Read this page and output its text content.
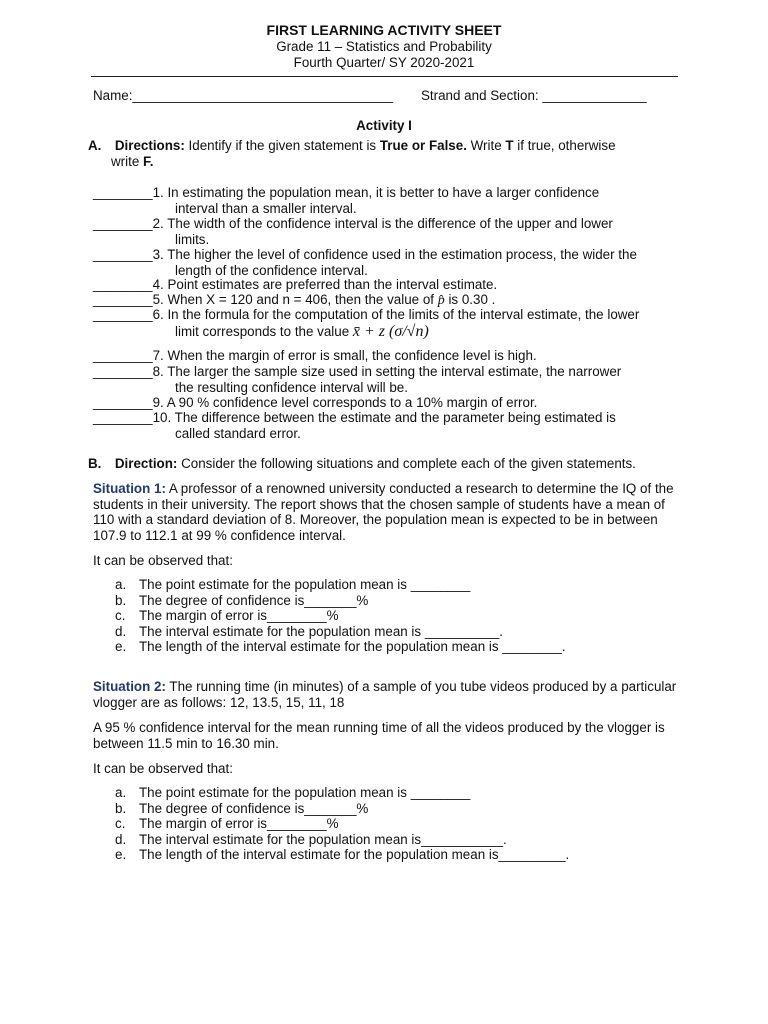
FIRST LEARNING ACTIVITY SHEET
Grade 11 – Statistics and Probability
Fourth Quarter/ SY 2020-2021
Name:___________________________________ Strand and Section: ______________
Activity I
A. Directions: Identify if the given statement is True or False. Write T if true, otherwise
write F.
________1. In estimating the population mean, it is better to have a larger confidence
interval than a smaller interval.
________2. The width of the confidence interval is the difference of the upper and lower
limits.
________3. The higher the level of confidence used in the estimation process, the wider the
length of the confidence interval.
________4. Point estimates are preferred than the interval estimate.
________5. When X = 120 and n = 406, then the value of p̂ is 0.30 .
________6. In the formula for the computation of the limits of the interval estimate, the lower
limit corresponds to the value x̄ + z (σ/√n)
________7. When the margin of error is small, the confidence level is high.
________8. The larger the sample size used in setting the interval estimate, the narrower
the resulting confidence interval will be.
________9. A 90 % confidence level corresponds to a 10% margin of error.
________10. The difference between the estimate and the parameter being estimated is
called standard error.
B. Direction: Consider the following situations and complete each of the given statements.
Situation 1: A professor of a renowned university conducted a research to determine the IQ of the students in their university. The report shows that the chosen sample of students have a mean of 110 with a standard deviation of 8. Moreover, the population mean is expected to be in between 107.9 to 112.1 at 99 % confidence interval.
It can be observed that:
a. The point estimate for the population mean is ________
b. The degree of confidence is_______%
c. The margin of error is________%
d. The interval estimate for the population mean is __________.
e. The length of the interval estimate for the population mean is ________.
Situation 2: The running time (in minutes) of a sample of you tube videos produced by a particular vlogger are as follows: 12, 13.5, 15, 11, 18
A 95 % confidence interval for the mean running time of all the videos produced by the vlogger is between 11.5 min to 16.30 min.
It can be observed that:
a. The point estimate for the population mean is ________
b. The degree of confidence is_______%
c. The margin of error is________%
d. The interval estimate for the population mean is___________.
e. The length of the interval estimate for the population mean is_________.
